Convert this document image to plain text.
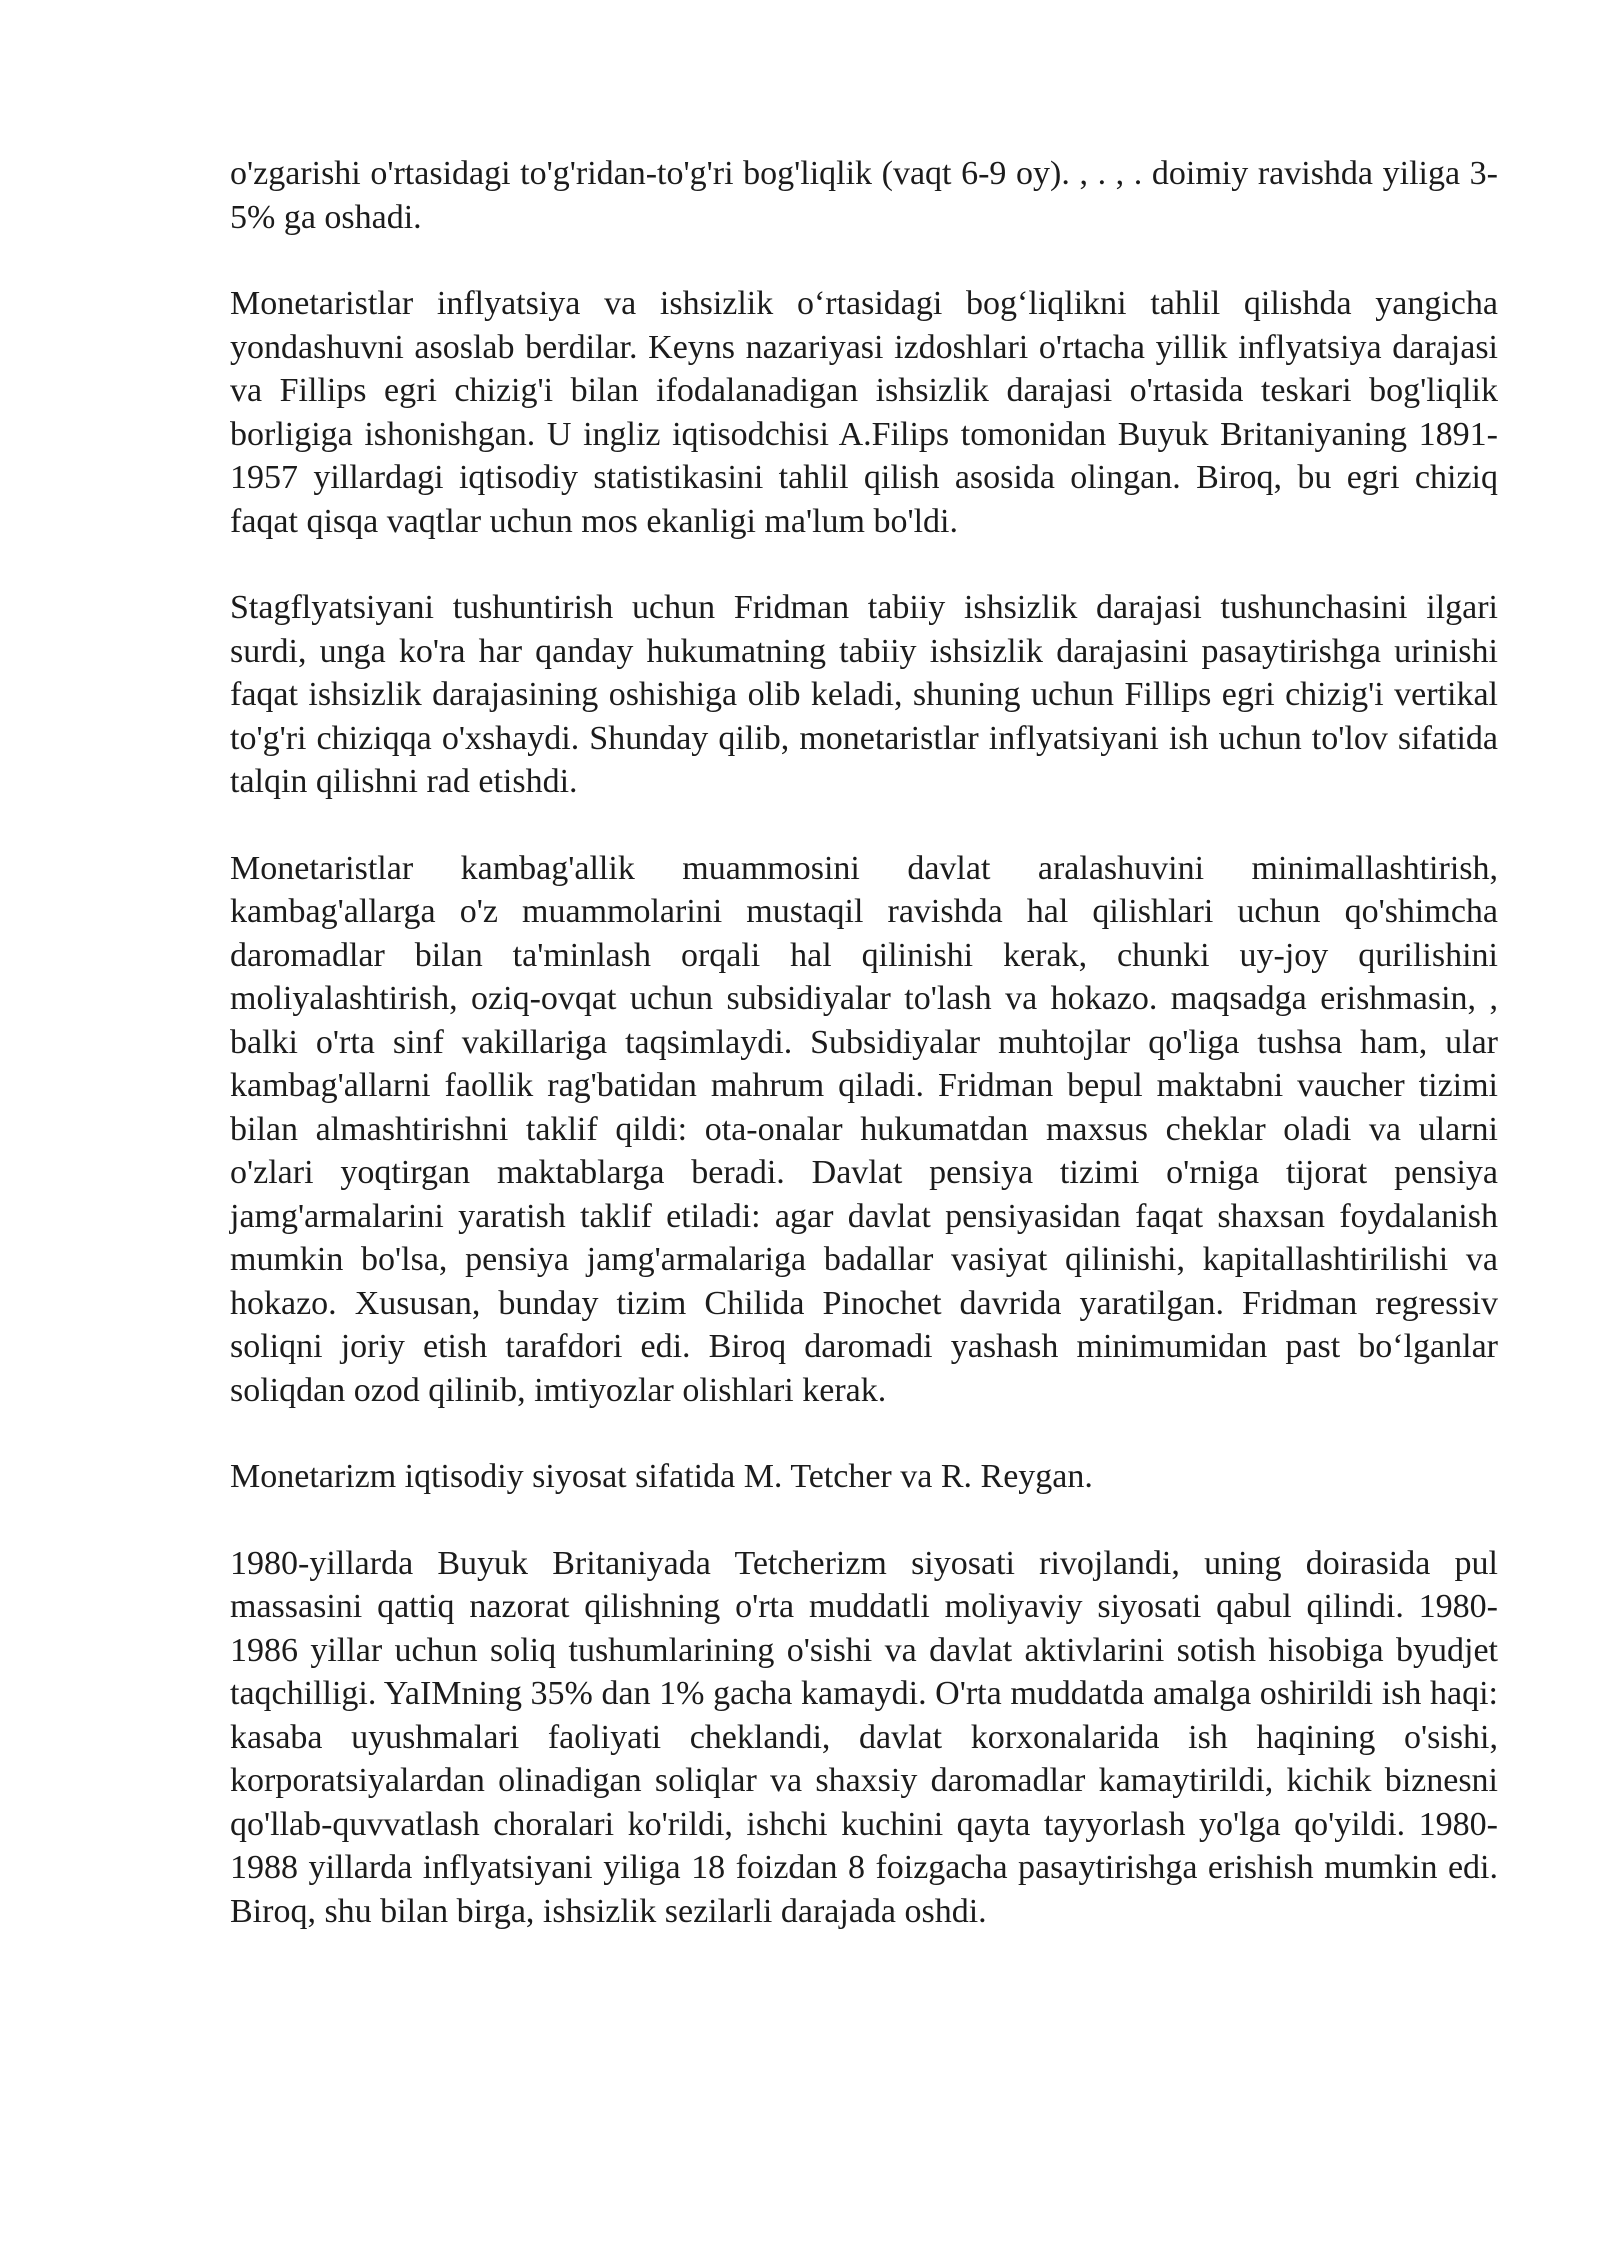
o'zgarishi o'rtasidagi to'g'ridan-to'g'ri bog'liqlik (vaqt 6-9 oy). , . , . doimiy ravishda yiliga 3-5% ga oshadi.

Monetaristlar inflyatsiya va ishsizlik o‘rtasidagi bog‘liqlikni tahlil qilishda yangicha yondashuvni asoslab berdilar. Keyns nazariyasi izdoshlari o'rtacha yillik inflyatsiya darajasi va Fillips egri chizig'i bilan ifodalanadigan ishsizlik darajasi o'rtasida teskari bog'liqlik borligiga ishonishgan. U ingliz iqtisodchisi A.Filips tomonidan Buyuk Britaniyaning 1891-1957 yillardagi iqtisodiy statistikasini tahlil qilish asosida olingan. Biroq, bu egri chiziq faqat qisqa vaqtlar uchun mos ekanligi ma'lum bo'ldi.

Stagflyatsiyani tushuntirish uchun Fridman tabiiy ishsizlik darajasi tushunchasini ilgari surdi, unga ko'ra har qanday hukumatning tabiiy ishsizlik darajasini pasaytirishga urinishi faqat ishsizlik darajasining oshishiga olib keladi, shuning uchun Fillips egri chizig'i vertikal to'g'ri chiziqqa o'xshaydi. Shunday qilib, monetaristlar inflyatsiyani ish uchun to'lov sifatida talqin qilishni rad etishdi.

Monetaristlar kambag'allik muammosini davlat aralashuvini minimallashtirish, kambag'allarga o'z muammolarini mustaqil ravishda hal qilishlari uchun qo'shimcha daromadlar bilan ta'minlash orqali hal qilinishi kerak, chunki uy-joy qurilishini moliyalashtirish, oziq-ovqat uchun subsidiyalar to'lash va hokazo. maqsadga erishmasin, , balki o'rta sinf vakillariga taqsimlaydi. Subsidiyalar muhtojlar qo'liga tushsa ham, ular kambag'allarni faollik rag'batidan mahrum qiladi. Fridman bepul maktabni vaucher tizimi bilan almashtirishni taklif qildi: ota-onalar hukumatdan maxsus cheklar oladi va ularni o'zlari yoqtirgan maktablarga beradi. Davlat pensiya tizimi o'rniga tijorat pensiya jamg'armalarini yaratish taklif etiladi: agar davlat pensiyasidan faqat shaxsan foydalanish mumkin bo'lsa, pensiya jamg'armalariga badallar vasiyat qilinishi, kapitallashtirilishi va hokazo. Xususan, bunday tizim Chilida Pinochet davrida yaratilgan. Fridman regressiv soliqni joriy etish tarafdori edi. Biroq daromadi yashash minimumidan past bo‘lganlar soliqdan ozod qilinib, imtiyozlar olishlari kerak.

Monetarizm iqtisodiy siyosat sifatida M. Tetcher va R. Reygan.

1980-yillarda Buyuk Britaniyada Tetcherizm siyosati rivojlandi, uning doirasida pul massasini qattiq nazorat qilishning o'rta muddatli moliyaviy siyosati qabul qilindi. 1980-1986 yillar uchun soliq tushumlarining o'sishi va davlat aktivlarini sotish hisobiga byudjet taqchilligi. YaIMning 35% dan 1% gacha kamaydi. O'rta muddatda amalga oshirildi ish haqi: kasaba uyushmalari faoliyati cheklandi, davlat korxonalarida ish haqining o'sishi, korporatsiyalardan olinadigan soliqlar va shaxsiy daromadlar kamaytirildi, kichik biznesni qo'llab-quvvatlash choralari ko'rildi, ishchi kuchini qayta tayyorlash yo'lga qo'yildi. 1980-1988 yillarda inflyatsiyani yiliga 18 foizdan 8 foizgacha pasaytirishga erishish mumkin edi. Biroq, shu bilan birga, ishsizlik sezilarli darajada oshdi.
